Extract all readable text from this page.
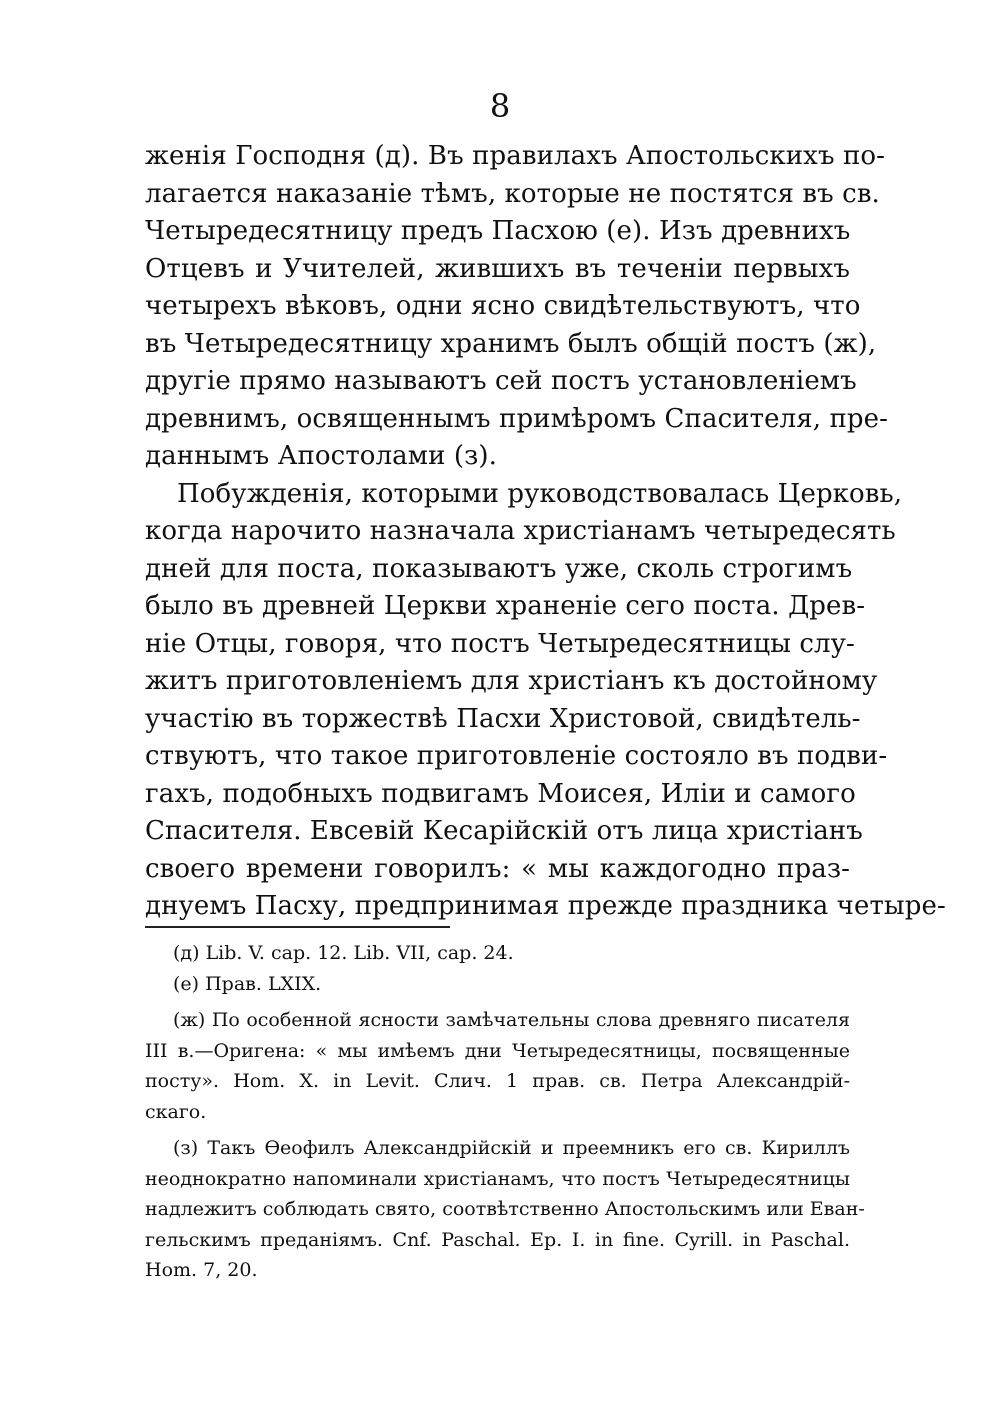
8
женія Господня (д). Въ правилахъ Апостольскихъ по-
лагается наказаніе тѣмъ, которые не постятся въ св.
Четыредесятницу предъ Пасхою (е). Изъ древнихъ
Отцевъ и Учителей, жившихъ въ теченіи первыхъ
четырехъ вѣковъ, одни ясно свидѣтельствуютъ, что
въ Четыредесятницу хранимъ былъ общій постъ (ж),
другіе прямо называютъ сей постъ установленіемъ
древнимъ, освященнымъ примѣромъ Спасителя, пре-
даннымъ Апостолами (з).
Побужденія, которыми руководствовалась Церковь,
когда нарочито назначала христіанамъ четыредесять
дней для поста, показываютъ уже, сколь строгимъ
было въ древней Церкви храненіе сего поста. Древ-
ніе Отцы, говоря, что постъ Четыредесятницы слу-
житъ приготовленіемъ для христіанъ къ достойному
участію въ торжествѣ Пасхи Христовой, свидѣтель-
ствуютъ, что такое приготовленіе состояло въ подви-
гахъ, подобныхъ подвигамъ Моисея, Иліи и самого
Спасителя. Евсевій Кесарійскій отъ лица христіанъ
своего времени говорилъ: « мы каждогодно праз-
днуемъ Пасху, предпринимая прежде праздника четыре-
(д) Lib. V. cap. 12. Lib. VII, cap. 24.
(е) Прав. LXIX.
(ж) По особенной ясности замѣчательны слова древняго писателя
III в.—Оригена: « мы имѣемъ дни Четыредесятницы, посвященные
посту». Hom. X. in Levit. Слич. 1 прав. св. Петра Александрій-
скаго.
(з) Такъ Ѳеофилъ Александрійскій и преемникъ его св. Кириллъ
неоднократно напоминали христіанамъ, что постъ Четыредесятницы
надлежитъ соблюдать свято, соотвѣтственно Апостольскимъ или Еван-
гельскимъ преданіямъ. Cnf. Paschal. Ep. I. in fine. Cyrill. in Paschal.
Hom. 7, 20.
